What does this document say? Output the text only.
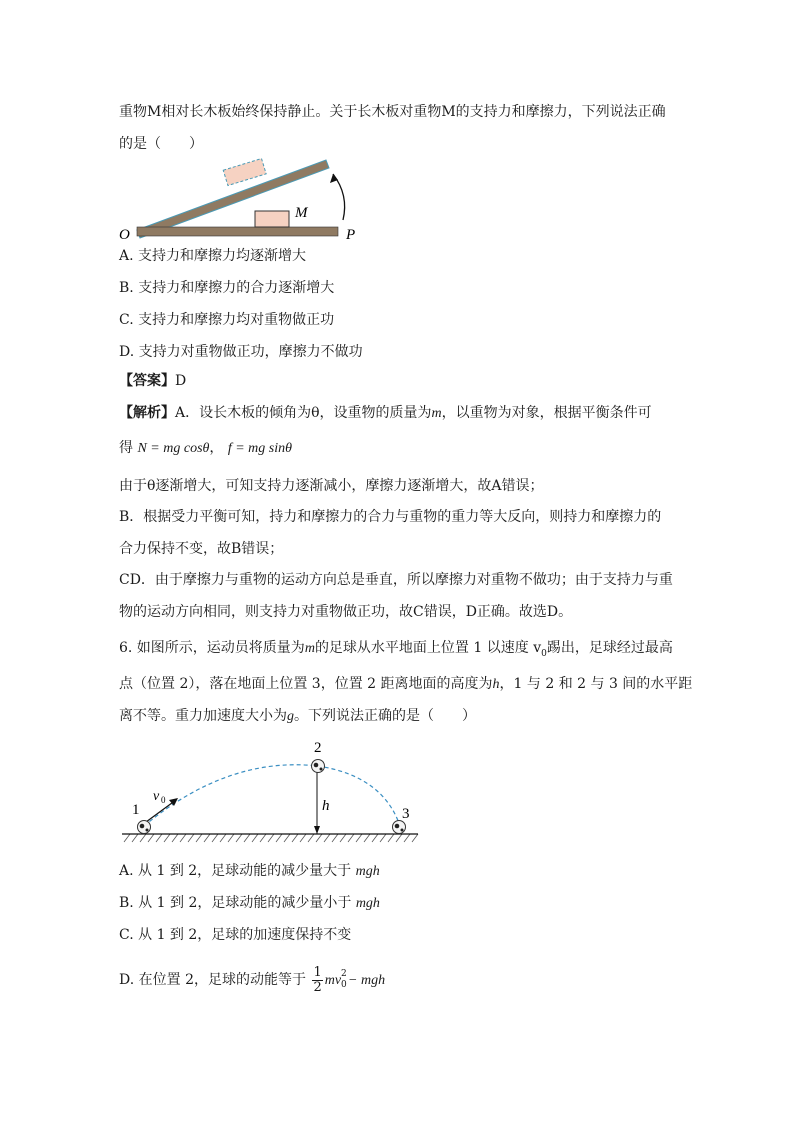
重物M相对长木板始终保持静止。关于长木板对重物M的支持力和摩擦力，下列说法正确
的是（　　）
O	P
M
A. 支持力和摩擦力均逐渐增大
B. 支持力和摩擦力的合力逐渐增大
C. 支持力和摩擦力均对重物做正功
D. 支持力对重物做正功，摩擦力不做功
【答案】D
【解析】A．设长木板的倾角为θ，设重物的质量为m，以重物为对象，根据平衡条件可
得 N = mg cosθ， f = mg sinθ
由于θ逐渐增大，可知支持力逐渐减小，摩擦力逐渐增大，故A错误；
B．根据受力平衡可知，持力和摩擦力的合力与重物的重力等大反向，则持力和摩擦力的
合力保持不变，故B错误；
CD．由于摩擦力与重物的运动方向总是垂直，所以摩擦力对重物不做功；由于支持力与重
物的运动方向相同，则支持力对重物做正功，故C错误，D正确。故选D。
6. 如图所示，运动员将质量为m的足球从水平地面上位置 1 以速度 $v_0$踢出，足球经过最高
点（位置 2），落在地面上位置 3，位置 2 距离地面的高度为h，1 与 2 和 2 与 3 间的水平距
离不等。重力加速度大小为g。下列说法正确的是（　　）
1
2
3
h
v 0
A. 从 1 到 2，足球动能的减少量大于 mgh
B. 从 1 到 2，足球动能的减少量小于 mgh
C. 从 1 到 2，足球的加速度保持不变
D. 在位置 2，足球的动能等于 $\frac{1}{2}$ mv 2
0 − mgh
